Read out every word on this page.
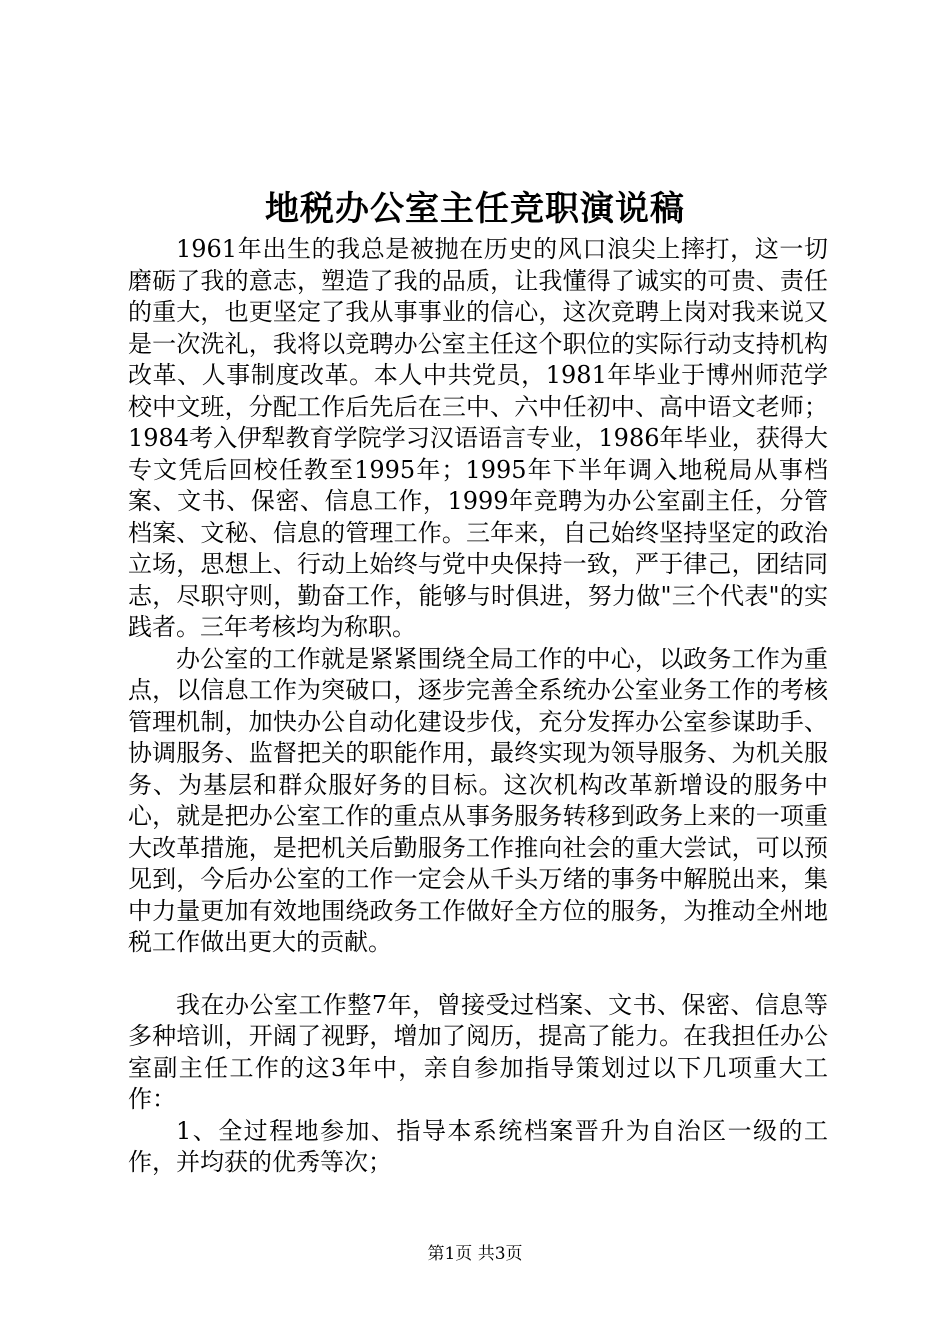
地税办公室主任竞职演说稿

1961年出生的我总是被抛在历史的风口浪尖上摔打，这一切磨砺了我的意志，塑造了我的品质，让我懂得了诚实的可贵、责任的重大，也更坚定了我从事事业的信心，这次竞聘上岗对我来说又是一次洗礼，我将以竞聘办公室主任这个职位的实际行动支持机构改革、人事制度改革。本人中共党员，1981年毕业于博州师范学校中文班，分配工作后先后在三中、六中任初中、高中语文老师；1984考入伊犁教育学院学习汉语语言专业，1986年毕业，获得大专文凭后回校任教至1995年；1995年下半年调入地税局从事档案、文书、保密、信息工作，1999年竞聘为办公室副主任，分管档案、文秘、信息的管理工作。三年来，自己始终坚持坚定的政治立场，思想上、行动上始终与党中央保持一致，严于律己，团结同志，尽职守则，勤奋工作，能够与时俱进，努力做"三个代表"的实践者。三年考核均为称职。

办公室的工作就是紧紧围绕全局工作的中心，以政务工作为重点，以信息工作为突破口，逐步完善全系统办公室业务工作的考核管理机制，加快办公自动化建设步伐，充分发挥办公室参谋助手、协调服务、监督把关的职能作用，最终实现为领导服务、为机关服务、为基层和群众服好务的目标。这次机构改革新增设的服务中心，就是把办公室工作的重点从事务服务转移到政务上来的一项重大改革措施，是把机关后勤服务工作推向社会的重大尝试，可以预见到，今后办公室的工作一定会从千头万绪的事务中解脱出来，集中力量更加有效地围绕政务工作做好全方位的服务，为推动全州地税工作做出更大的贡献。

我在办公室工作整7年，曾接受过档案、文书、保密、信息等多种培训，开阔了视野，增加了阅历，提高了能力。在我担任办公室副主任工作的这3年中，亲自参加指导策划过以下几项重大工作：

1、全过程地参加、指导本系统档案晋升为自治区一级的工作，并均获的优秀等次；

第1页 共3页
